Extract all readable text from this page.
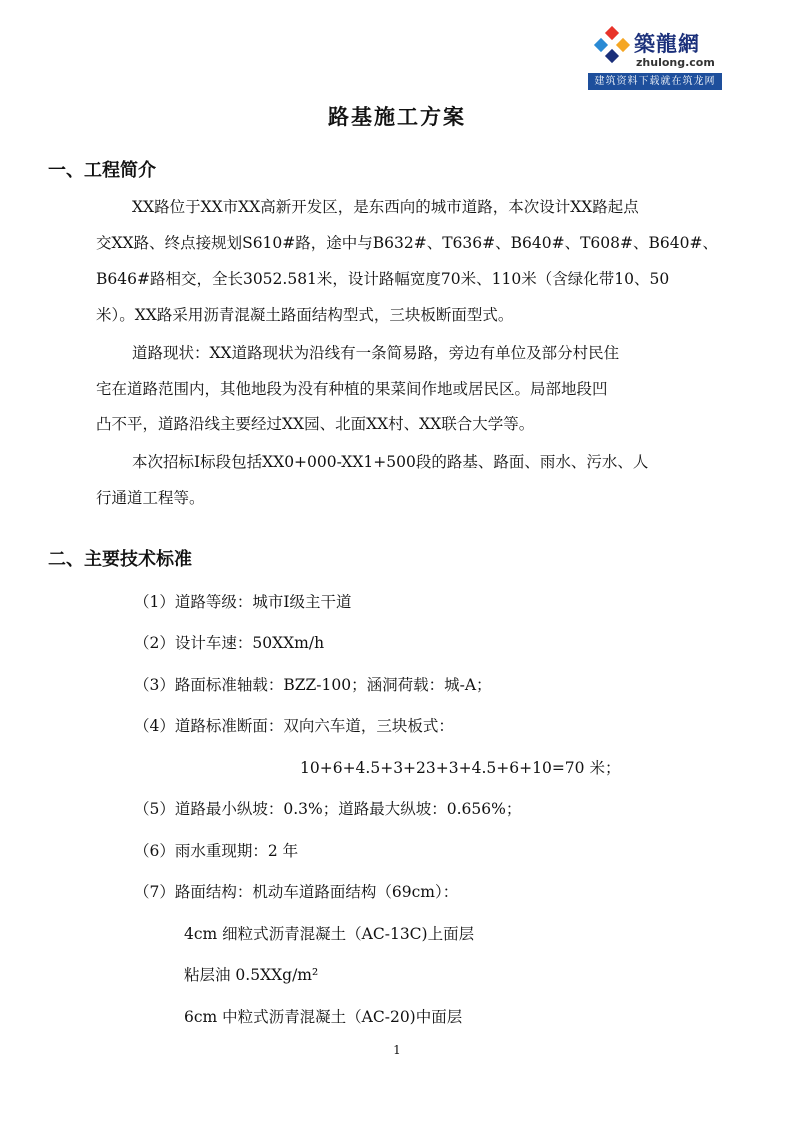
築龍網
zhulong.com
建筑资料下载就在筑龙网
路基施工方案
一、工程简介
XX路位于XX市XX高新开发区，是东西向的城市道路，本次设计XX路起点
交XX路、终点接规划S610#路，途中与B632#、T636#、B640#、T608#、B640#、
B646#路相交，全长3052.581米，设计路幅宽度70米、110米（含绿化带10、50
米）。XX路采用沥青混凝土路面结构型式，三块板断面型式。
道路现状：XX道路现状为沿线有一条简易路，旁边有单位及部分村民住
宅在道路范围内，其他地段为没有种植的果菜间作地或居民区。局部地段凹
凸不平，道路沿线主要经过XX园、北面XX村、XX联合大学等。
本次招标I标段包括XX0+000-XX1+500段的路基、路面、雨水、污水、人
行通道工程等。
二、主要技术标准
（1）道路等级：城市Ⅰ级主干道
（2）设计车速：50XXm/h
（3）路面标准轴载：BZZ-100；涵洞荷载：城-A；
（4）道路标准断面：双向六车道，三块板式：
10+6+4.5+3+23+3+4.5+6+10=70 米；
（5）道路最小纵坡：0.3%；道路最大纵坡：0.656%；
（6）雨水重现期：2 年
（7）路面结构：机动车道路面结构（69cm）：
4cm 细粒式沥青混凝土（AC-13C)上面层
粘层油 0.5XXg/m²
6cm 中粒式沥青混凝土（AC-20)中面层
1
